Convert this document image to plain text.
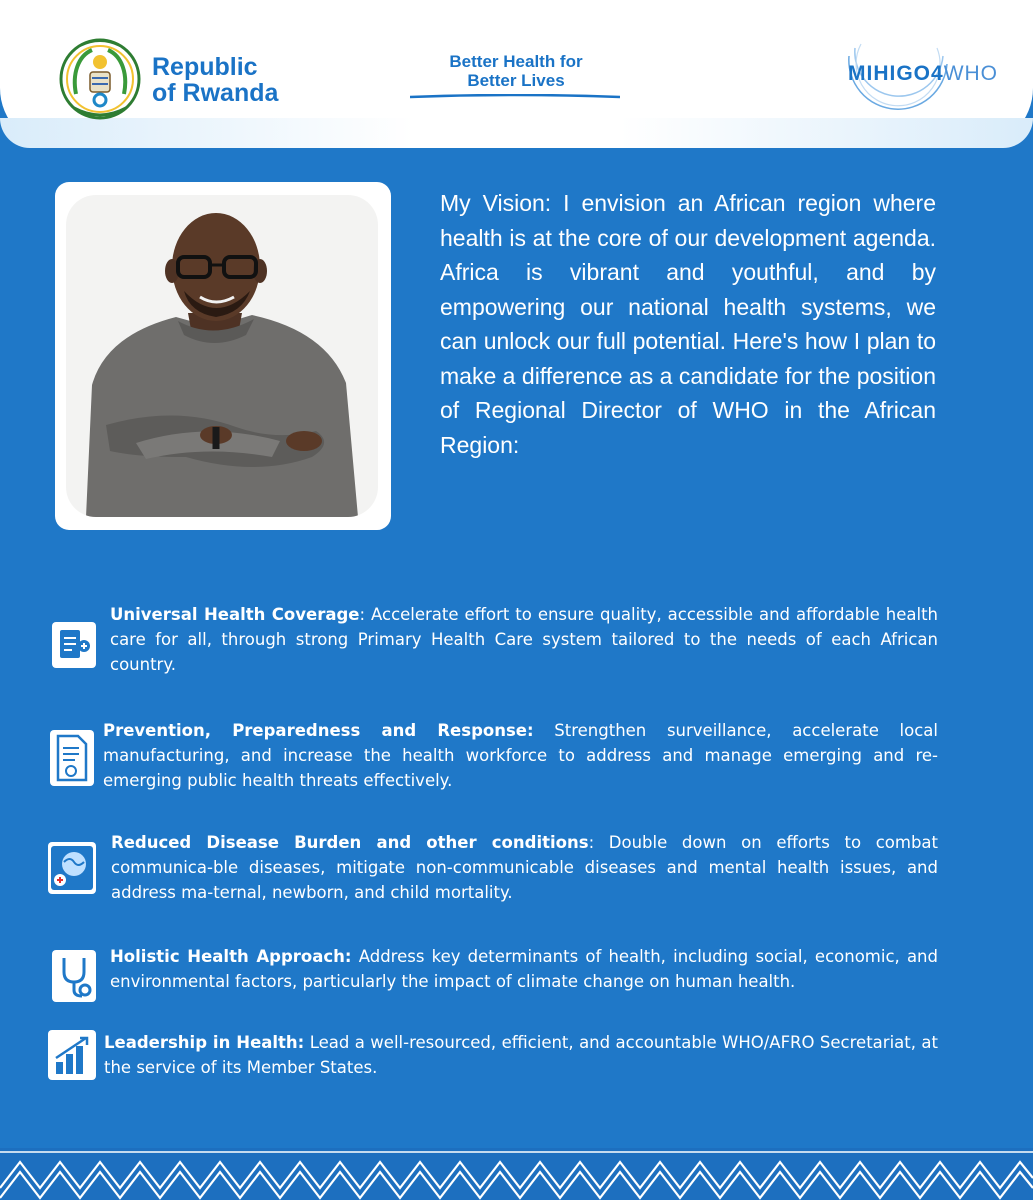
Republic
of Rwanda
Better Health for
Better Lives	MIHIGO4WHO
My Vision: I envision an African region where health is at the core of our development agenda. Africa is vibrant and youthful, and by empowering our national health systems, we can unlock our full potential. Here's how I plan to make a difference as a candidate for the position of Regional Director of WHO in the African Region:

Universal Health Coverage: Accelerate effort to ensure quality, accessible and affordable health care for all, through strong Primary Health Care system tailored to the needs of each African country.

Prevention, Preparedness and Response: Strengthen surveillance, accelerate local manufacturing, and increase the health workforce to address and manage emerging and re-emerging public health threats effectively.

Reduced Disease Burden and other conditions: Double down on efforts to combat communica-ble diseases, mitigate non-communicable diseases and mental health issues, and address ma-ternal, newborn, and child mortality.

Holistic Health Approach: Address key determinants of health, including social, economic, and environmental factors, particularly the impact of climate change on human health.

Leadership in Health: Lead a well-resourced, efficient, and accountable WHO/AFRO Secretariat, at the service of its Member States.
